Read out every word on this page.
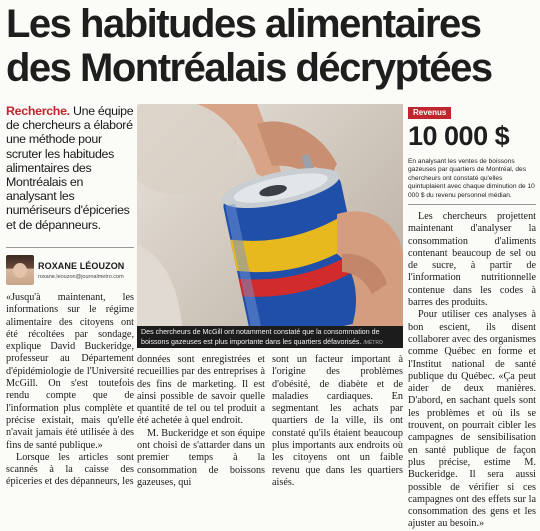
Les habitudes alimentaires
des Montréalais décryptées
Recherche. Une équipe de chercheurs a élaboré une méthode pour scruter les habitudes alimentaires des Montréalais en analysant les numériseurs d'épiceries et de dépanneurs.
ROXANE LÉOUZON
roxane.leouzon@journalmetro.com
Des chercheurs de McGill ont notamment constaté que la consommation de boissons gazeuses est plus importante dans les quartiers défavorisés. /MÉTRO
Revenus
10 000 $
En analysant les ventes de boissons gazeuses par quartiers de Montréal, des chercheurs ont constaté qu'elles quintuplaient avec chaque diminution de 10 000 $ du revenu personnel médian.

«Jusqu'à maintenant, les informations sur le régime alimentaire des citoyens ont été récoltées par sondage, explique David Buckeridge, professeur au Département d'épidémiologie de l'Université McGill. On s'est toutefois rendu compte que de l'information plus complète et précise existait, mais qu'elle n'avait jamais été utilisée à des fins de santé publique.»

Lorsque les articles sont scannés à la caisse des épiceries et des dépanneurs, les

données sont enregistrées et recueillies par des entreprises à des fins de marketing. Il est ainsi possible de savoir quelle quantité de tel ou tel produit a été achetée à quel endroit.

M. Buckeridge et son équipe ont choisi de s'attarder dans un premier temps à la consommation de boissons gazeuses, qui

sont un facteur important à l'origine des problèmes d'obésité, de diabète et de maladies cardiaques. En segmentant les achats par quartiers de la ville, ils ont constaté qu'ils étaient beaucoup plus importants aux endroits où les citoyens ont un faible revenu que dans les quartiers aisés.

Les chercheurs projettent maintenant d'analyser la consommation d'aliments contenant beaucoup de sel ou de sucre, à partir de l'information nutritionnelle contenue dans les codes à barres des produits.

Pour utiliser ces analyses à bon escient, ils disent collaborer avec des organismes comme Québec en forme et l'Institut national de santé publique du Québec. «Ça peut aider de deux manières. D'abord, en sachant quels sont les problèmes et où ils se trouvent, on pourrait cibler les campagnes de sensibilisation en santé publique de façon plus précise, estime M. Buckeridge. Il sera aussi possible de vérifier si ces campagnes ont des effets sur la consommation des gens et les ajuster au besoin.»
